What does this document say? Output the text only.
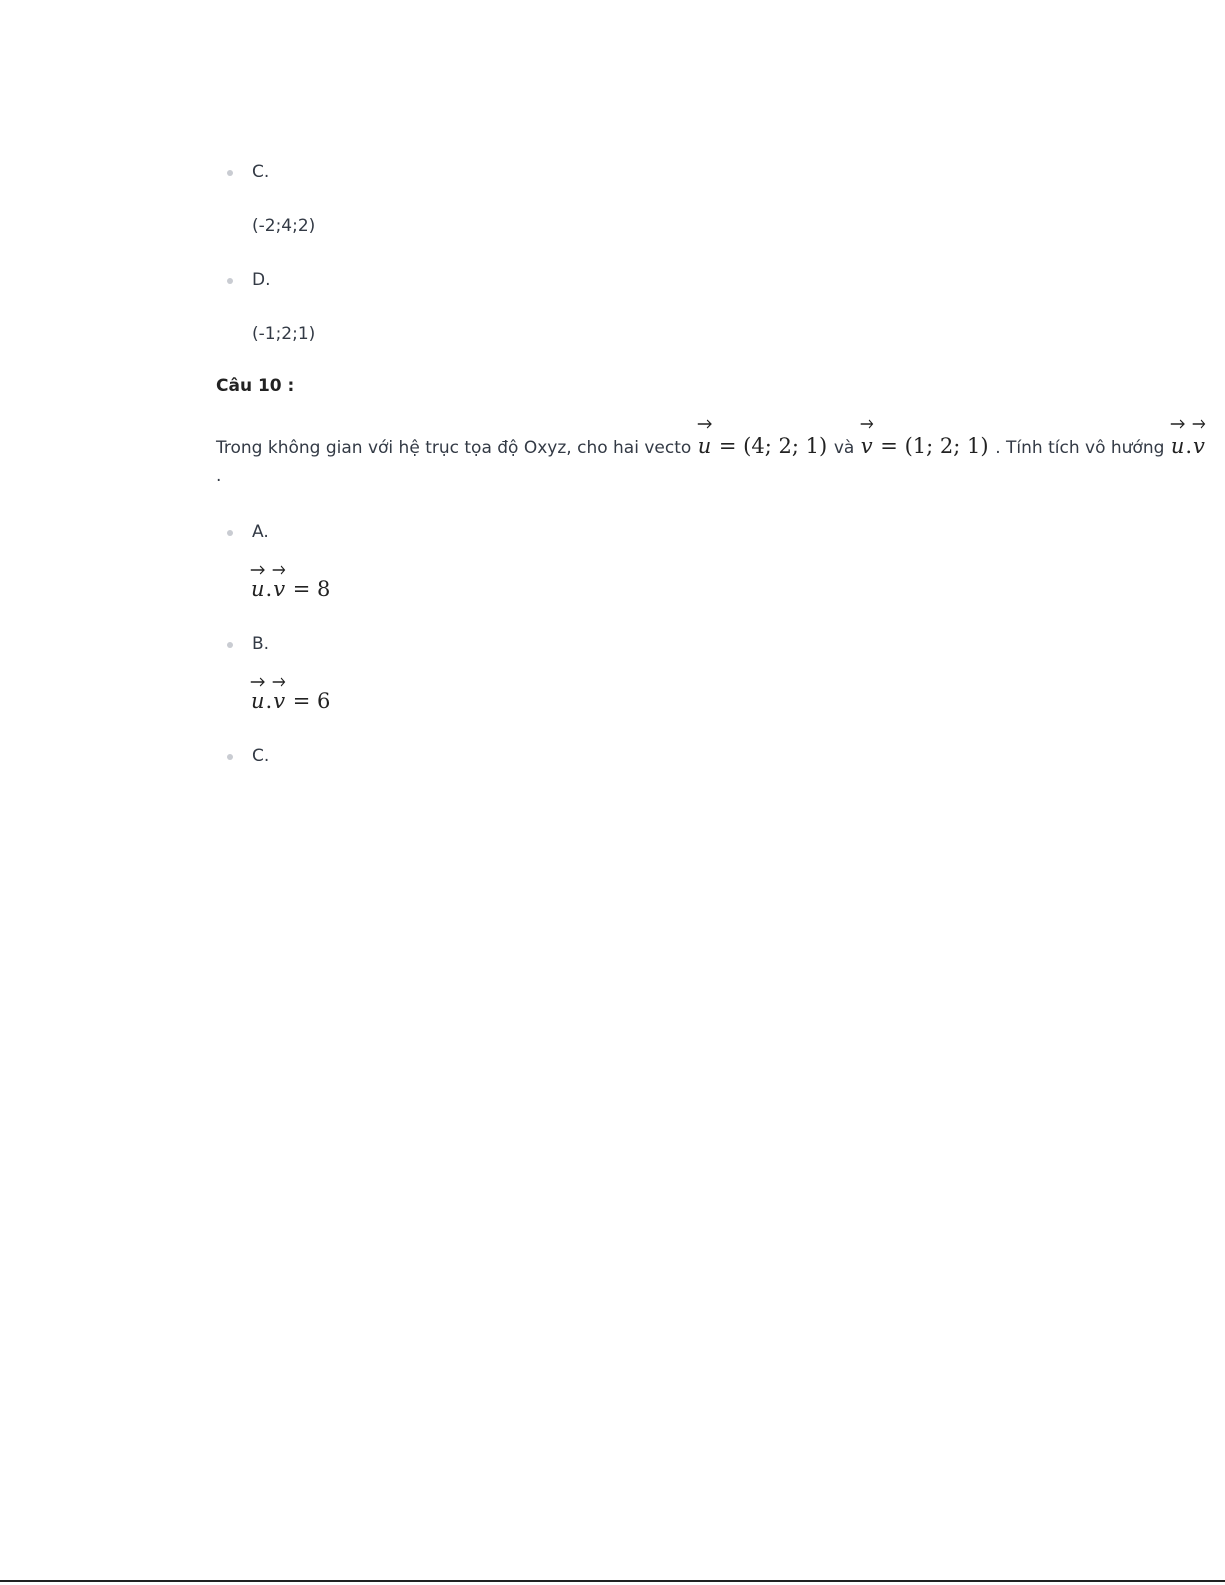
C.
(-2;4;2)
D.
(-1;2;1)
Câu 10 :
Trong không gian với hệ trục tọa độ Oxyz, cho hai vecto u = (4; 2; 1) và v = (1; 2; 1) . Tính tích vô hướng u.
v
.
A.
u.
v = 8
B.
u.
v = 6
C.
